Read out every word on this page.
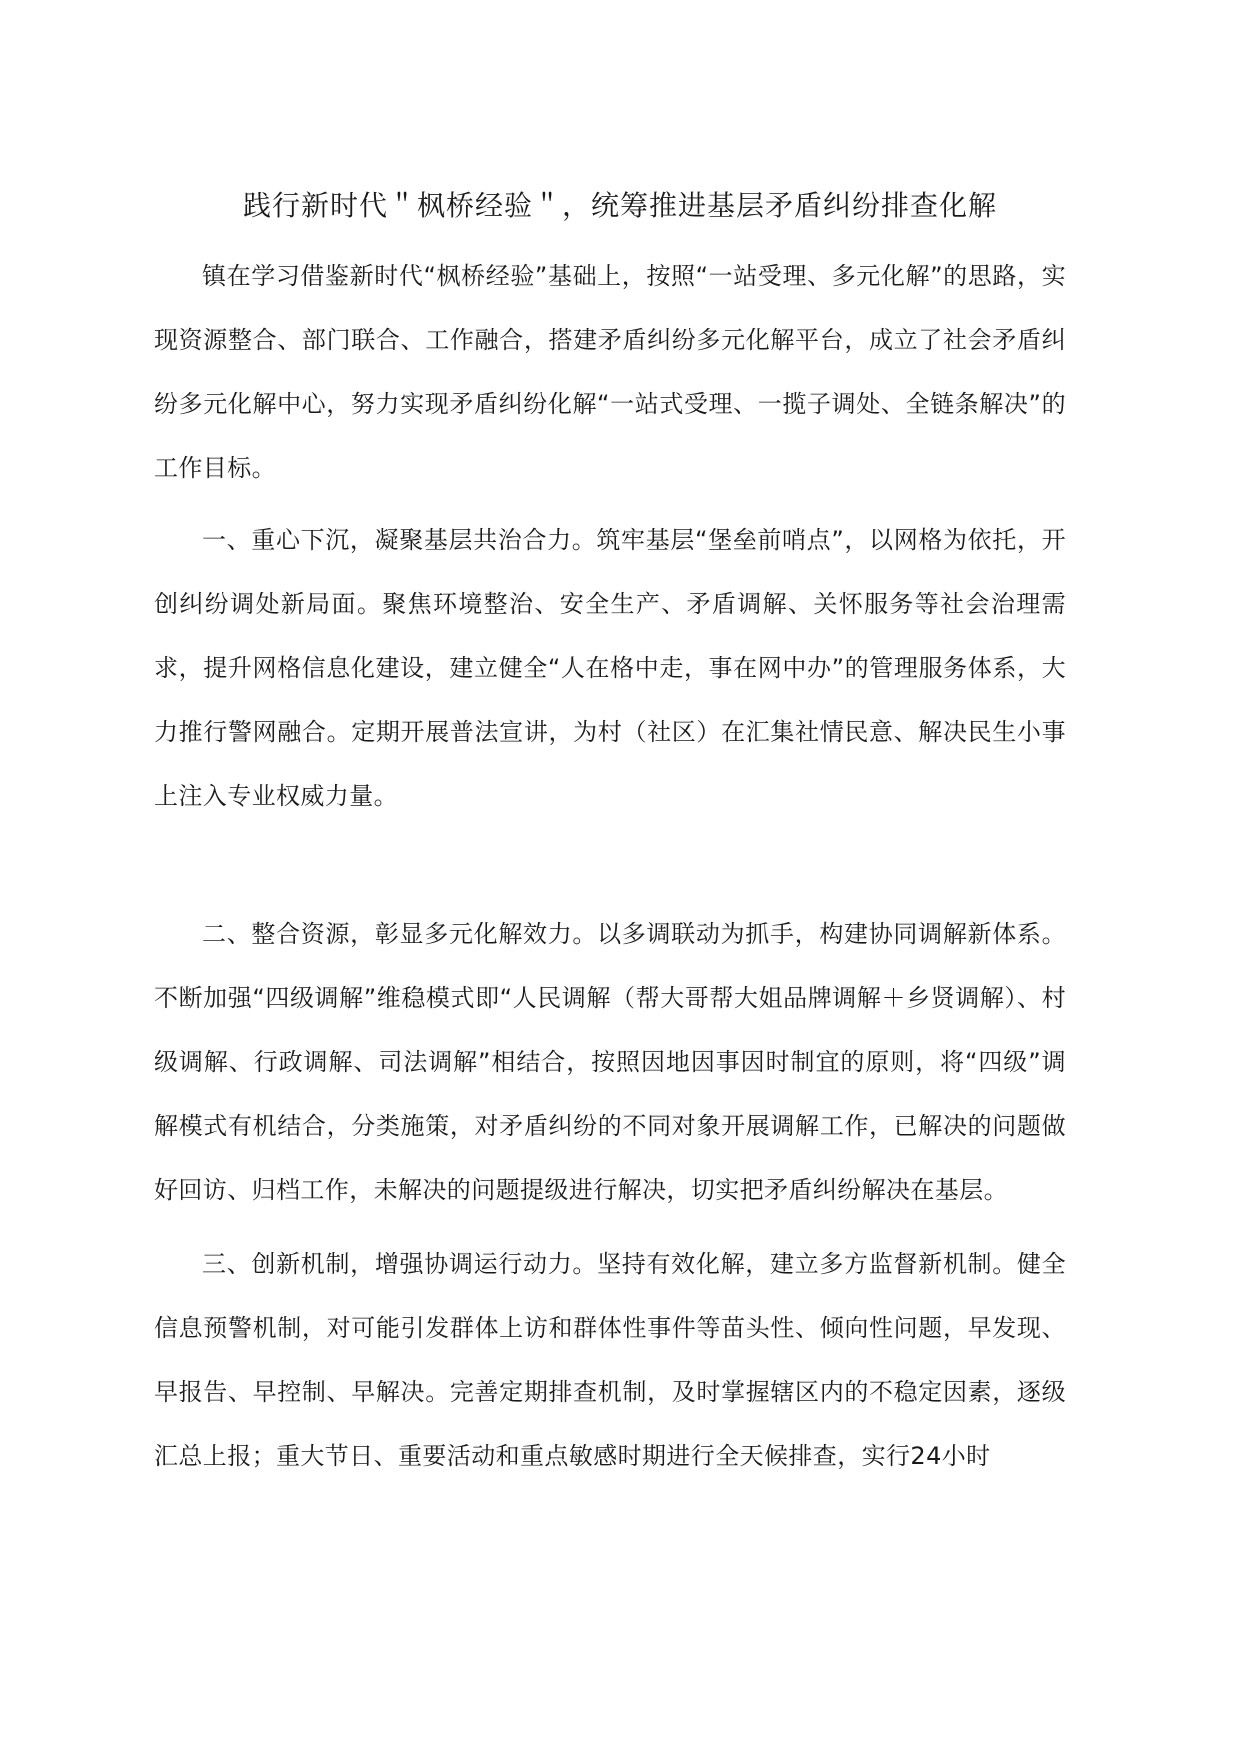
践行新时代＂枫桥经验＂，统筹推进基层矛盾纠纷排查化解

镇在学习借鉴新时代“枫桥经验”基础上，按照“一站受理、多元化解”的思路，实现资源整合、部门联合、工作融合，搭建矛盾纠纷多元化解平台，成立了社会矛盾纠纷多元化解中心，努力实现矛盾纠纷化解“一站式受理、一揽子调处、全链条解决”的工作目标。

一、重心下沉，凝聚基层共治合力。筑牢基层“堡垒前哨点”，以网格为依托，开创纠纷调处新局面。聚焦环境整治、安全生产、矛盾调解、关怀服务等社会治理需求，提升网格信息化建设，建立健全“人在格中走，事在网中办”的管理服务体系，大力推行警网融合。定期开展普法宣讲，为村（社区）在汇集社情民意、解决民生小事上注入专业权威力量。

二、整合资源，彰显多元化解效力。以多调联动为抓手，构建协同调解新体系。不断加强“四级调解”维稳模式即“人民调解（帮大哥帮大姐品牌调解＋乡贤调解）、村级调解、行政调解、司法调解”相结合，按照因地因事因时制宜的原则，将“四级”调解模式有机结合，分类施策，对矛盾纠纷的不同对象开展调解工作，已解决的问题做好回访、归档工作，未解决的问题提级进行解决，切实把矛盾纠纷解决在基层。

三、创新机制，增强协调运行动力。坚持有效化解，建立多方监督新机制。健全信息预警机制，对可能引发群体上访和群体性事件等苗头性、倾向性问题，早发现、早报告、早控制、早解决。完善定期排查机制，及时掌握辖区内的不稳定因素，逐级汇总上报；重大节日、重要活动和重点敏感时期进行全天候排查，实行24小时
